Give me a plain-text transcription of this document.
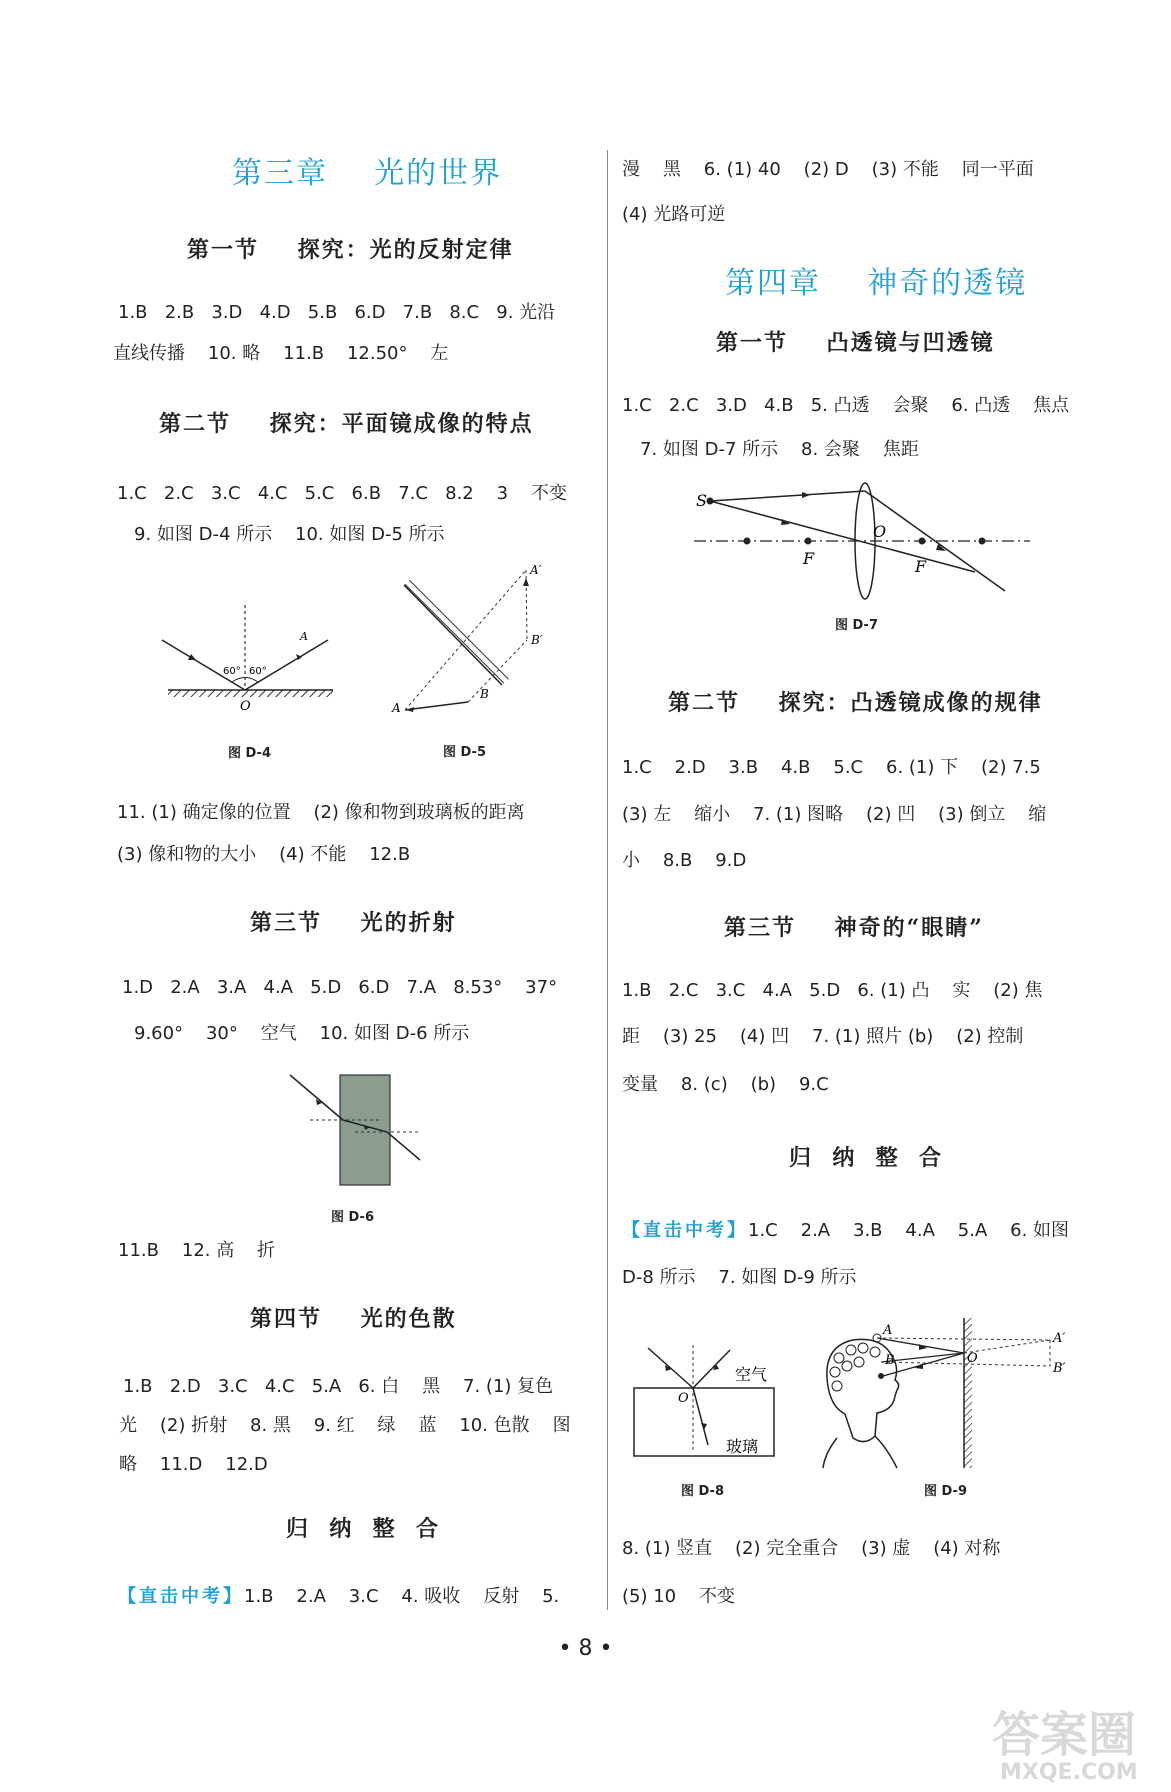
第三章    光的世界
第一节    探究：光的反射定律
1.B   2.B   3.D   4.D   5.B   6.D   7.B   8.C   9. 光沿
直线传播    10. 略    11.B    12.50°    左
第二节    探究：平面镜成像的特点
1.C   2.C   3.C   4.C   5.C   6.B   7.C   8.2    3    不变
9. 如图 D-4 所示    10. 如图 D-5 所示
60° 60°
O
A
图 D-4
A
B
A′
B′
图 D-5
11. (1) 确定像的位置    (2) 像和物到玻璃板的距离
(3) 像和物的大小    (4) 不能    12.B
第三节    光的折射
1.D   2.A   3.A   4.A   5.D   6.D   7.A   8.53°    37°
9.60°    30°    空气    10. 如图 D-6 所示
图 D-6
11.B    12. 高    折
第四节    光的色散
1.B   2.D   3.C   4.C   5.A   6. 白    黑    7. (1) 复色
光    (2) 折射    8. 黑    9. 红    绿    蓝    10. 色散    图
略    11.D    12.D
归  纳  整  合
【直击中考】1.B    2.A    3.C    4. 吸收    反射    5.
漫    黑    6. (1) 40    (2) D    (3) 不能    同一平面
(4) 光路可逆
第四章    神奇的透镜
第一节    凸透镜与凹透镜
1.C   2.C   3.D   4.B   5. 凸透    会聚    6. 凸透    焦点
7. 如图 D-7 所示    8. 会聚    焦距
S
O
F	F
图 D-7
第二节    探究：凸透镜成像的规律
1.C    2.D    3.B    4.B    5.C    6. (1) 下    (2) 7.5
(3) 左    缩小    7. (1) 图略    (2) 凹    (3) 倒立    缩
小    8.B    9.D
第三节    神奇的“眼睛”
1.B   2.C   3.C   4.A   5.D   6. (1) 凸    实    (2) 焦
距    (3) 25    (4) 凹    7. (1) 照片 (b)    (2) 控制
变量    8. (c)    (b)    9.C
归  纳  整  合
【直击中考】1.C    2.A    3.B    4.A    5.A    6. 如图
D-8 所示    7. 如图 D-9 所示
空气
玻璃
O
图 D-8
A
B	O
A′
B′
图 D-9
8. (1) 竖直    (2) 完全重合    (3) 虚    (4) 对称
(5) 10    不变
• 8 •
答案圈
MXQE.COM
